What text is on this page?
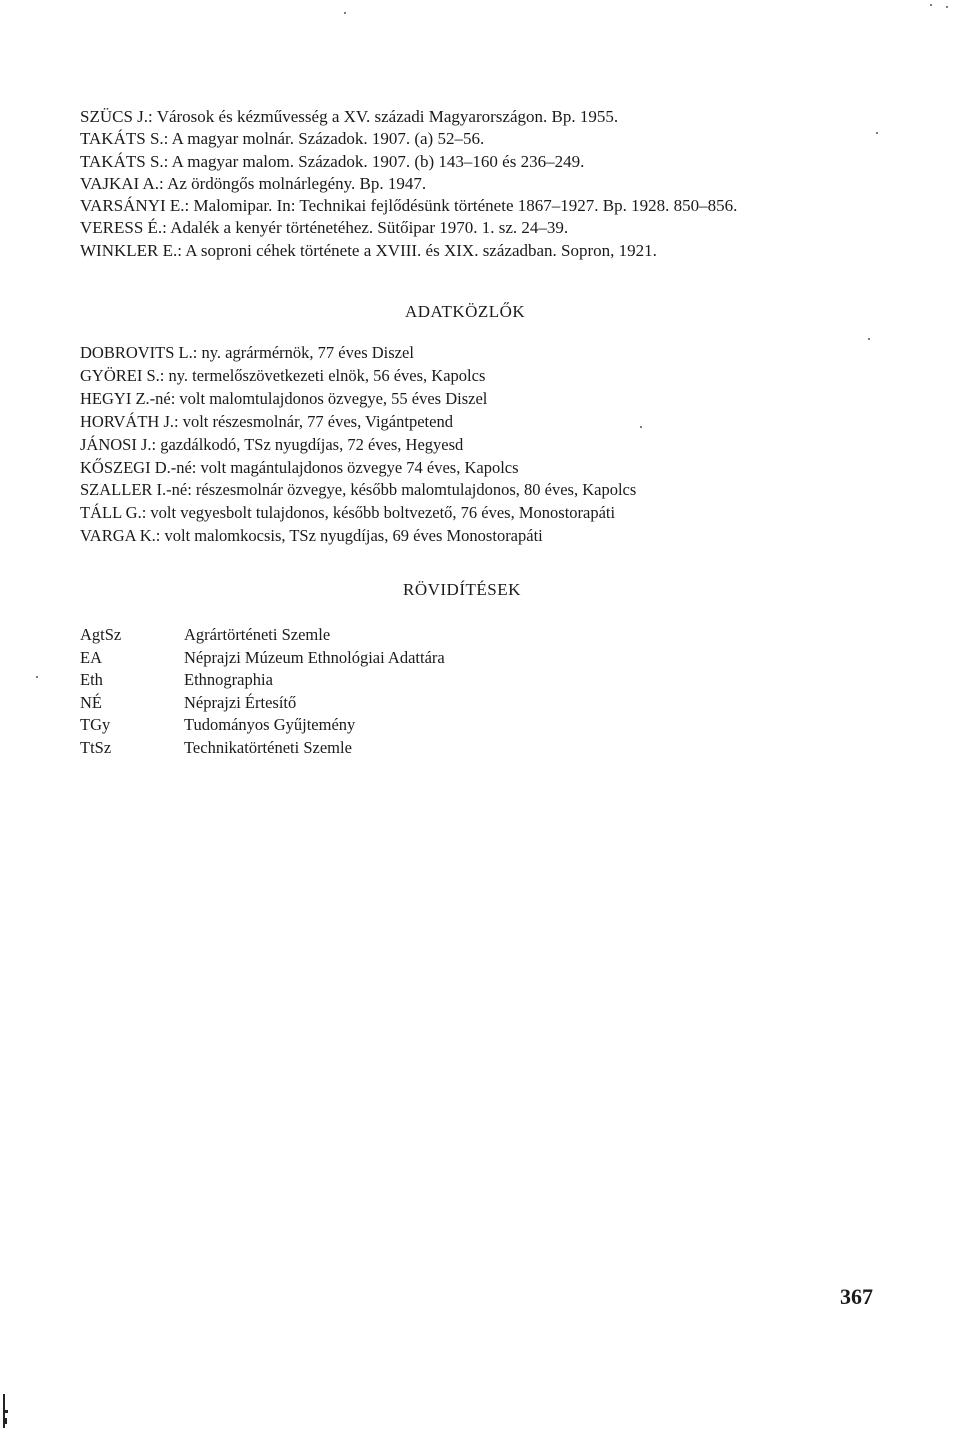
SZÜCS J.: Városok és kézművesség a XV. századi Magyarországon. Bp. 1955.
TAKÁTS S.: A magyar molnár. Századok. 1907. (a) 52–56.
TAKÁTS S.: A magyar malom. Századok. 1907. (b) 143–160 és 236–249.
VAJKAI A.: Az ördöngős molnárlegény. Bp. 1947.
VARSÁNYI E.: Malomipar. In: Technikai fejlődésünk története 1867–1927. Bp. 1928. 850–856.
VERESS É.: Adalék a kenyér történetéhez. Sütőipar 1970. 1. sz. 24–39.
WINKLER E.: A soproni céhek története a XVIII. és XIX. században. Sopron, 1921.
ADATKÖZLŐK
DOBROVITS L.: ny. agrármérnök, 77 éves Diszel
GYÖREI S.: ny. termelőszövetkezeti elnök, 56 éves, Kapolcs
HEGYI Z.-né: volt malomtulajdonos özvegye, 55 éves Diszel
HORVÁTH J.: volt részesmolnár, 77 éves, Vigántpetend
JÁNOSI J.: gazdálkodó, TSz nyugdíjas, 72 éves, Hegyesd
KŐSZEGI D.-né: volt magántulajdonos özvegye 74 éves, Kapolcs
SZALLER I.-né: részesmolnár özvegye, később malomtulajdonos, 80 éves, Kapolcs
TÁLL G.: volt vegyesbolt tulajdonos, később boltvezető, 76 éves, Monostorapáti
VARGA K.: volt malomkocsis, TSz nyugdíjas, 69 éves Monostorapáti
RÖVIDÍTÉSEK
AgtSz	Agrártörténeti Szemle
EA	Néprajzi Múzeum Ethnológiai Adattára
Eth	Ethnographia
NÉ	Néprajzi Értesítő
TGy	Tudományos Gyűjtemény
TtSz	Technikatörténeti Szemle
367
